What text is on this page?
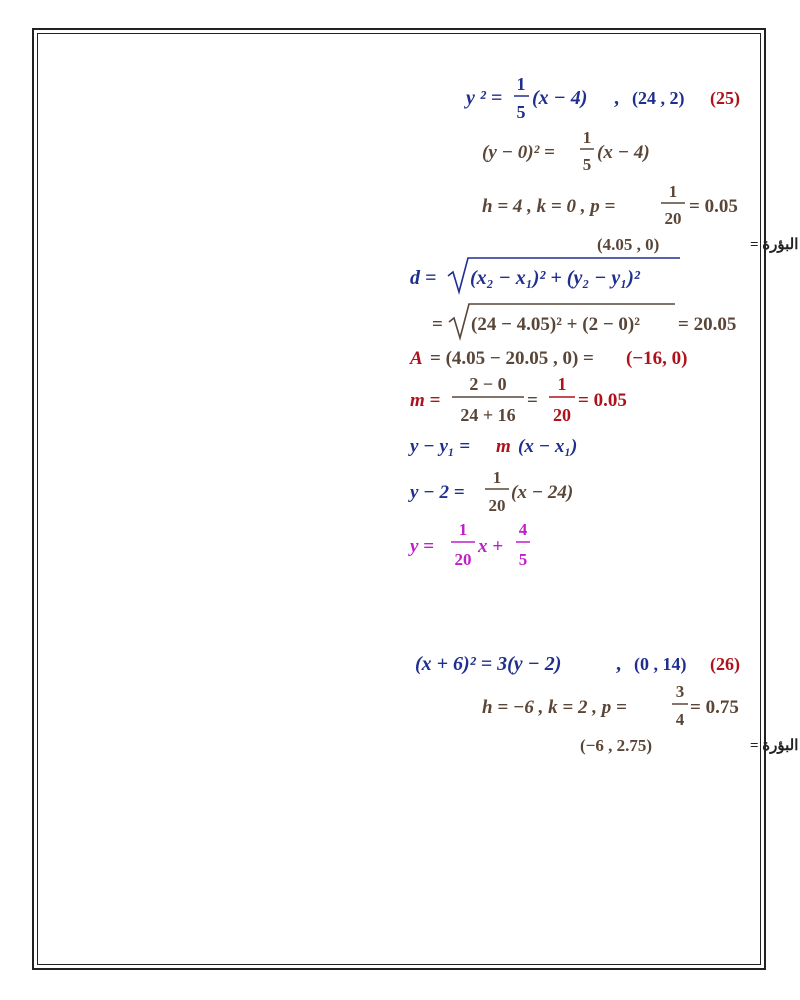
y ² =
1
5
(x − 4) , (24 , 2) (25)
(y − 0)² =
1
5
(x − 4)
h = 4 , k = 0 , p =
1
20
= 0.05
(4.05 , 0)	البؤرة =
d = (x₂ − x₁)² + (y₂ − y₁)²
= (24 − 4.05)² + (2 − 0)² = 20.05
A = (4.05 − 20.05 , 0) = (−16, 0)
m =
2 − 0
24 + 16
=
1
20
= 0.05
y − y₁ = m (x − x₁)
y − 2 =
1
20
(x − 24)
y =
1
20
x +
4
5
(x + 6)² = 3(y − 2)	, (0 , 14) (26)
h = −6 , k = 2 , p =
3
4
= 0.75
(−6 , 2.75)	البؤرة =
